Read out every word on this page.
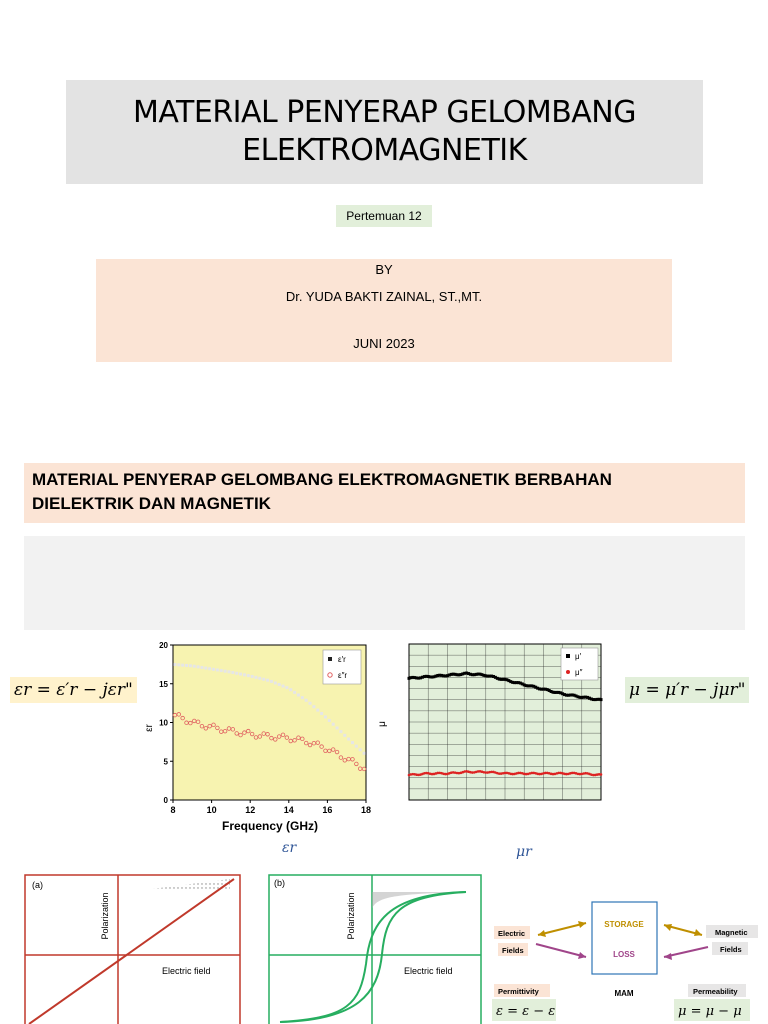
MATERIAL PENYERAP GELOMBANG
ELEKTROMAGNETIK
Pertemuan 12
BY
Dr. YUDA BAKTI ZAINAL, ST.,MT.
JUNI 2023
MATERIAL PENYERAP GELOMBANG ELEKTROMAGNETIK BERBAHAN
DIELEKTRIK DAN MAGNETIK
εr = ε′r − jεr"	μ = μ′r − jμr"
8	10	12	14	16	18
0
5
10
15
20
εr
Frequency (GHz)
ε′r
ε″r
μ
μ′
μ″
εr	μr
(a)
Polarization
Electric field
(b)
Polarization
Electric field
STORAGE
LOSS
MAM
Electric
Fields
Magnetic
Fields
Permittivity	Permeability
ε = ε − ε	μ = μ − μ
